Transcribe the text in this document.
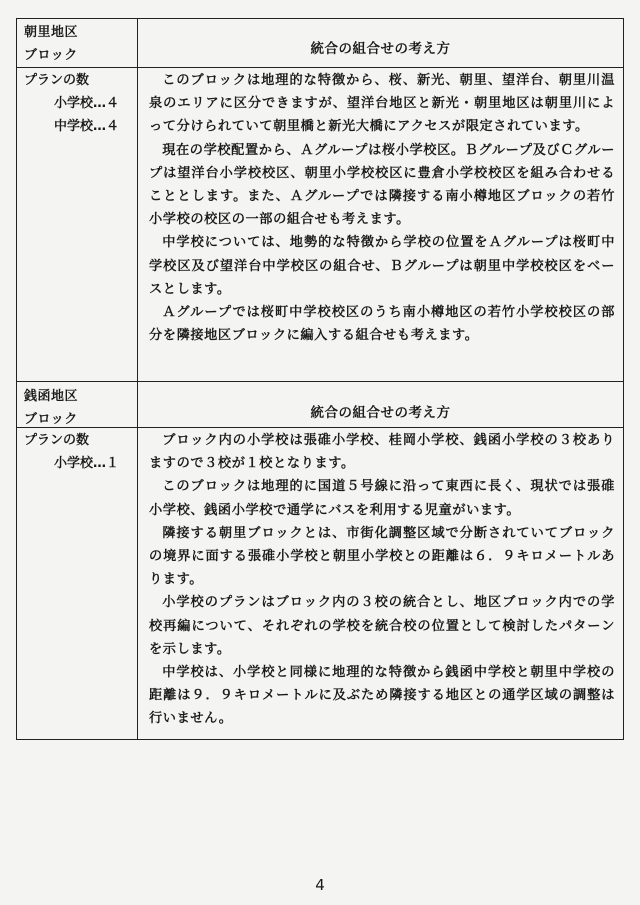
朝里地区
ブロック	統合の組合せの考え方
プランの数
小学校…４
中学校…４

このブロックは地理的な特徴から、桜、新光、朝里、望洋台、朝里川温泉のエリアに区分できますが、望洋台地区と新光・朝里地区は朝里川によって分けられていて朝里橋と新光大橋にアクセスが限定されています。

現在の学校配置から、Ａグループは桜小学校区。Ｂグループ及びＣグループは望洋台小学校校区、朝里小学校校区に豊倉小学校校区を組み合わせることとします。また、Ａグループでは隣接する南小樽地区ブロックの若竹小学校の校区の一部の組合せも考えます。

中学校については、地勢的な特徴から学校の位置をＡグループは桜町中学校区及び望洋台中学校区の組合せ、Ｂグループは朝里中学校校区をベースとします。

Ａグループでは桜町中学校校区のうち南小樽地区の若竹小学校校区の部分を隣接地区ブロックに編入する組合せも考えます。

銭函地区
ブロック	統合の組合せの考え方
プランの数
小学校…１

ブロック内の小学校は張碓小学校、桂岡小学校、銭函小学校の３校ありますので３校が１校となります。

このブロックは地理的に国道５号線に沿って東西に長く、現状では張碓小学校、銭函小学校で通学にバスを利用する児童がいます。

隣接する朝里ブロックとは、市街化調整区域で分断されていてブロックの境界に面する張碓小学校と朝里小学校との距離は６．９キロメートルあります。

小学校のプランはブロック内の３校の統合とし、地区ブロック内での学校再編について、それぞれの学校を統合校の位置として検討したパターンを示します。

中学校は、小学校と同様に地理的な特徴から銭函中学校と朝里中学校の距離は９．９キロメートルに及ぶため隣接する地区との通学区域の調整は行いません。

4
